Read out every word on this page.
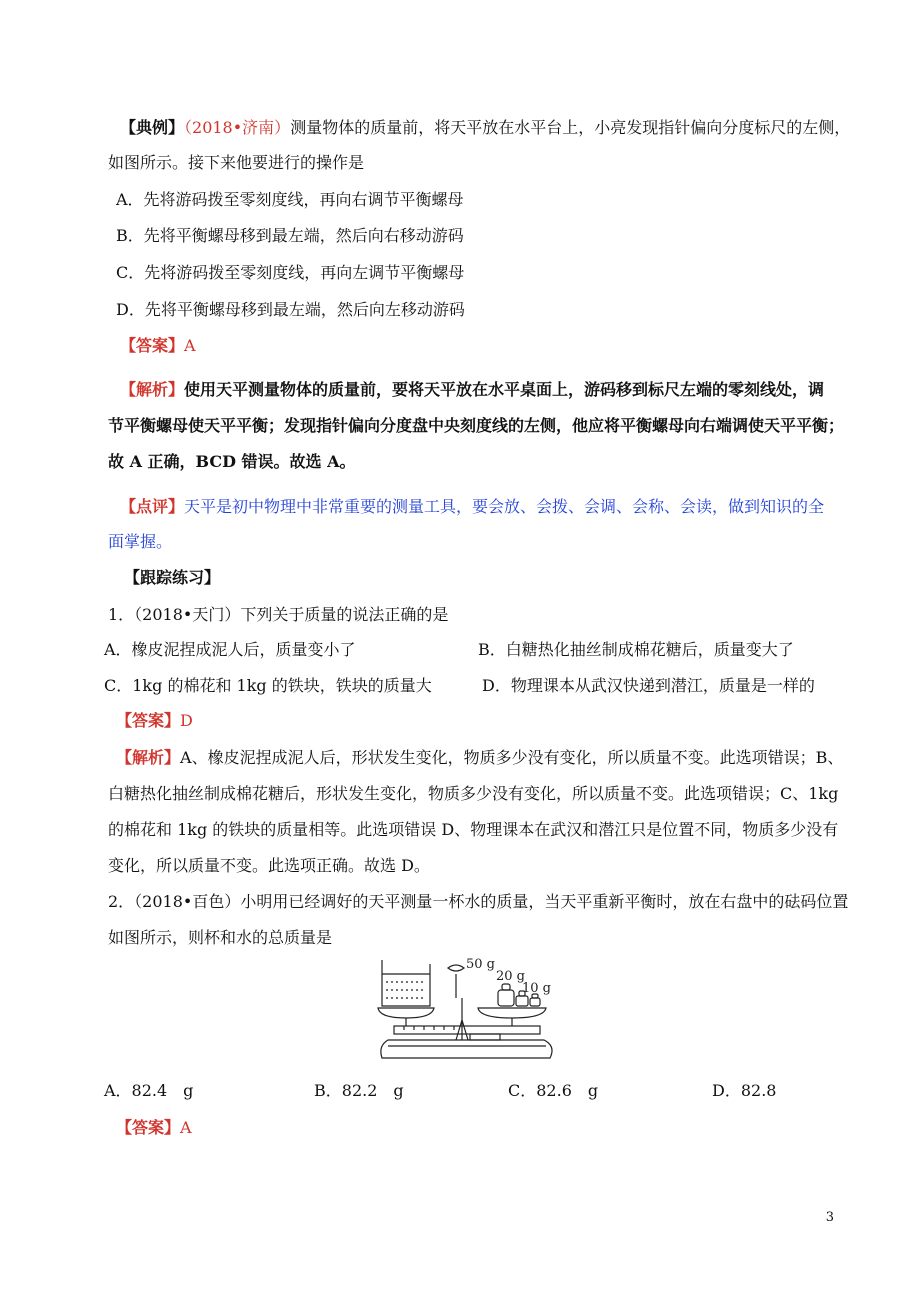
【典例】（2018•济南）测量物体的质量前，将天平放在水平台上，小亮发现指针偏向分度标尺的左侧，
如图所示。接下来他要进行的操作是
A．先将游码拨至零刻度线，再向右调节平衡螺母
B．先将平衡螺母移到最左端，然后向右移动游码
C．先将游码拨至零刻度线，再向左调节平衡螺母
D．先将平衡螺母移到最左端，然后向左移动游码
【答案】A
【解析】使用天平测量物体的质量前，要将天平放在水平桌面上，游码移到标尺左端的零刻线处，调
节平衡螺母使天平平衡；发现指针偏向分度盘中央刻度线的左侧，他应将平衡螺母向右端调使天平平衡；
故 A 正确，BCD 错误。故选 A。
【点评】天平是初中物理中非常重要的测量工具，要会放、会拨、会调、会称、会读，做到知识的全
面掌握。
【跟踪练习】
1．（2018•天门）下列关于质量的说法正确的是
A．橡皮泥捏成泥人后，质量变小了	B．白糖热化抽丝制成棉花糖后，质量变大了
C．1kg 的棉花和 1kg 的铁块，铁块的质量大	D．物理课本从武汉快递到潜江，质量是一样的
【答案】D
【解析】A、橡皮泥捏成泥人后，形状发生变化，物质多少没有变化，所以质量不变。此选项错误；B、
白糖热化抽丝制成棉花糖后，形状发生变化，物质多少没有变化，所以质量不变。此选项错误；C、1kg
的棉花和 1kg 的铁块的质量相等。此选项错误 D、物理课本在武汉和潜江只是位置不同，物质多少没有
变化，所以质量不变。此选项正确。故选 D。
2．（2018•百色）小明用已经调好的天平测量一杯水的质量，当天平重新平衡时，放在右盘中的砝码位置
如图所示，则杯和水的总质量是
50 g
20 g
10 g
A．82.4　g	B．82.2　g	C．82.6　g	D．82.8
【答案】A
3
